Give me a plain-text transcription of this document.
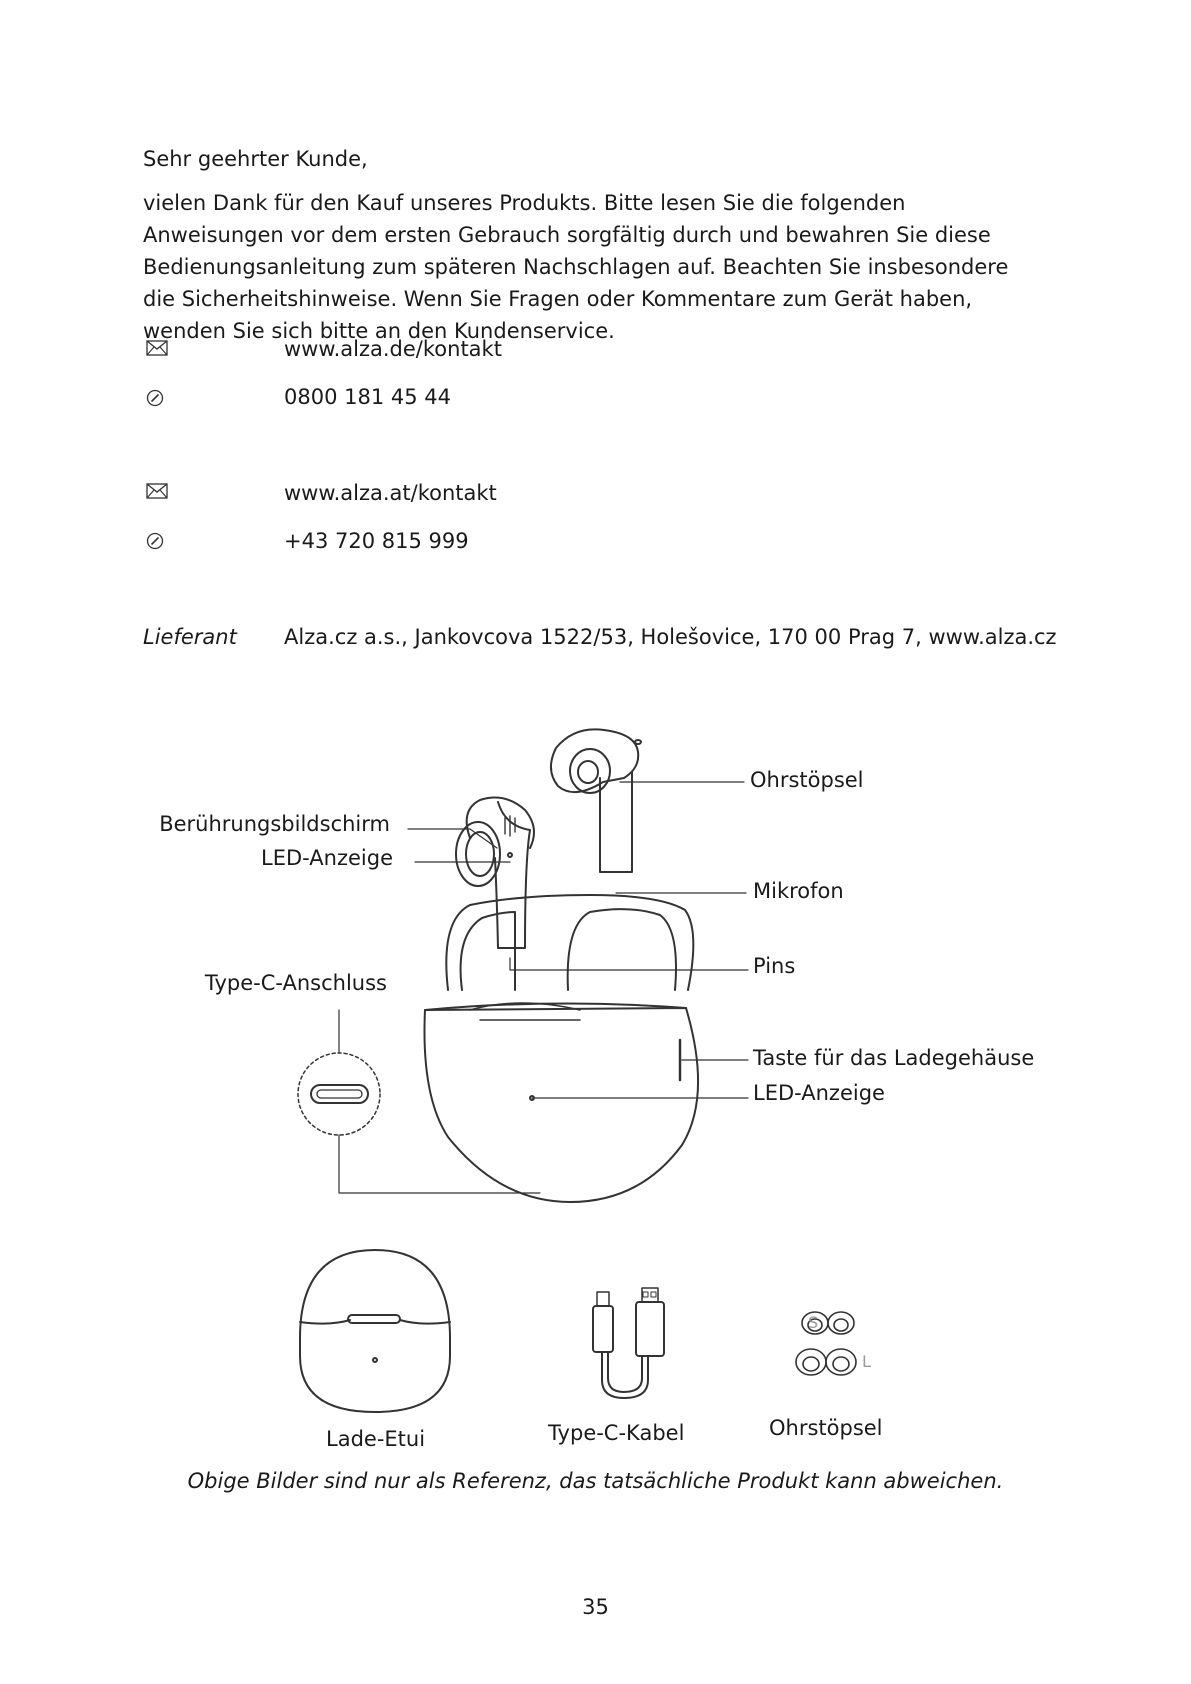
Sehr geehrter Kunde,
vielen Dank für den Kauf unseres Produkts. Bitte lesen Sie die folgenden Anweisungen vor dem ersten Gebrauch sorgfältig durch und bewahren Sie diese Bedienungsanleitung zum späteren Nachschlagen auf. Beachten Sie insbesondere die Sicherheitshinweise. Wenn Sie Fragen oder Kommentare zum Gerät haben, wenden Sie sich bitte an den Kundenservice.
www.alza.de/kontakt
0800 181 45 44
www.alza.at/kontakt
+43 720 815 999
Lieferant Alza.cz a.s., Jankovcova 1522/53, Holešovice, 170 00 Prag 7, www.alza.cz
Ohrstöpsel
Berührungsbildschirm
LED-Anzeige
Mikrofon
Pins
Type-C-Anschluss
Taste für das Ladegehäuse
LED-Anzeige
S
L
Lade-Etui	Type-C-Kabel	Ohrstöpsel
Obige Bilder sind nur als Referenz, das tatsächliche Produkt kann abweichen.
35
